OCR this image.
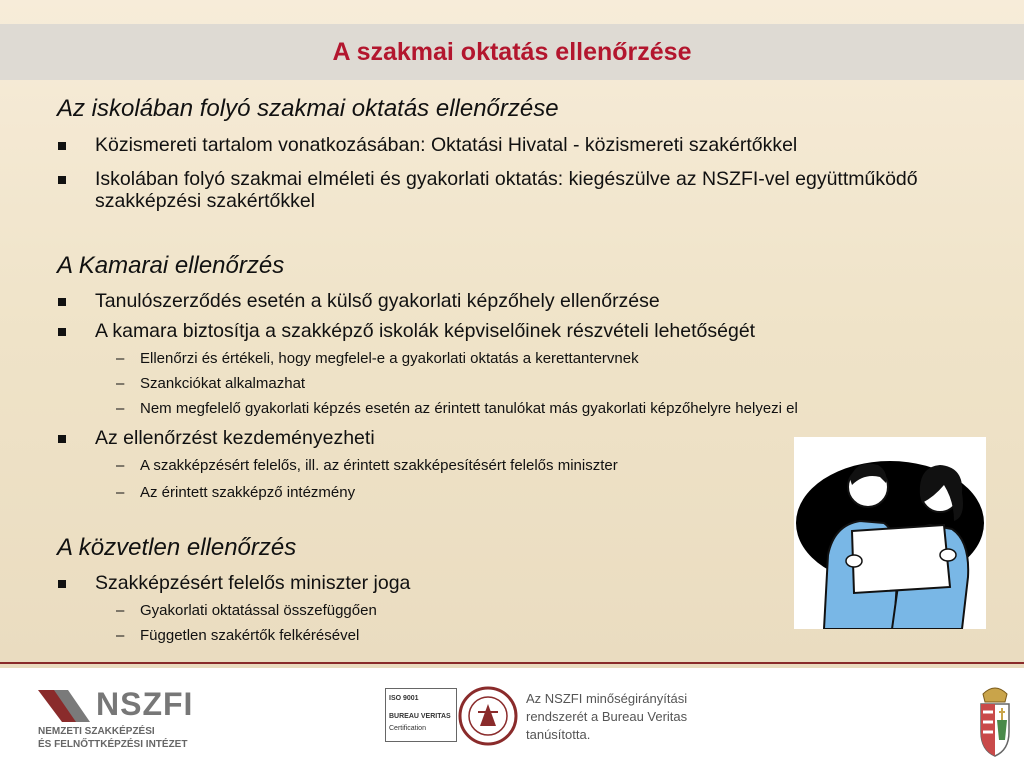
A szakmai oktatás ellenőrzése

Az iskolában folyó szakmai oktatás ellenőrzése

Közismereti tartalom vonatkozásában: Oktatási Hivatal - közismereti szakértőkkel

Iskolában folyó szakmai elméleti és gyakorlati oktatás: kiegészülve az NSZFI-vel együttműködő szakképzési szakértőkkel

A Kamarai ellenőrzés

Tanulószerződés esetén a külső gyakorlati képzőhely ellenőrzése

A kamara biztosítja a szakképző iskolák képviselőinek részvételi lehetőségét

– Ellenőrzi és értékeli, hogy megfelel-e a gyakorlati oktatás a kerettantervnek

– Szankciókat alkalmazhat

– Nem megfelelő gyakorlati képzés esetén az érintett tanulókat más gyakorlati képzőhelyre helyezi el

Az ellenőrzést kezdeményezheti

– A szakképzésért felelős, ill. az érintett szakképesítésért felelős miniszter

– Az érintett szakképző intézmény

A közvetlen ellenőrzés

Szakképzésért felelős miniszter joga

– Gyakorlati oktatással összefüggően

– Független szakértők felkérésével

NSZFI
NEMZETI SZAKKÉPZÉSI
ÉS FELNŐTTKÉPZÉSI INTÉZET
ISO 9001
BUREAU VERITAS
Certification
Az NSZFI minőségirányítási
rendszerét a Bureau Veritas
tanúsította.
